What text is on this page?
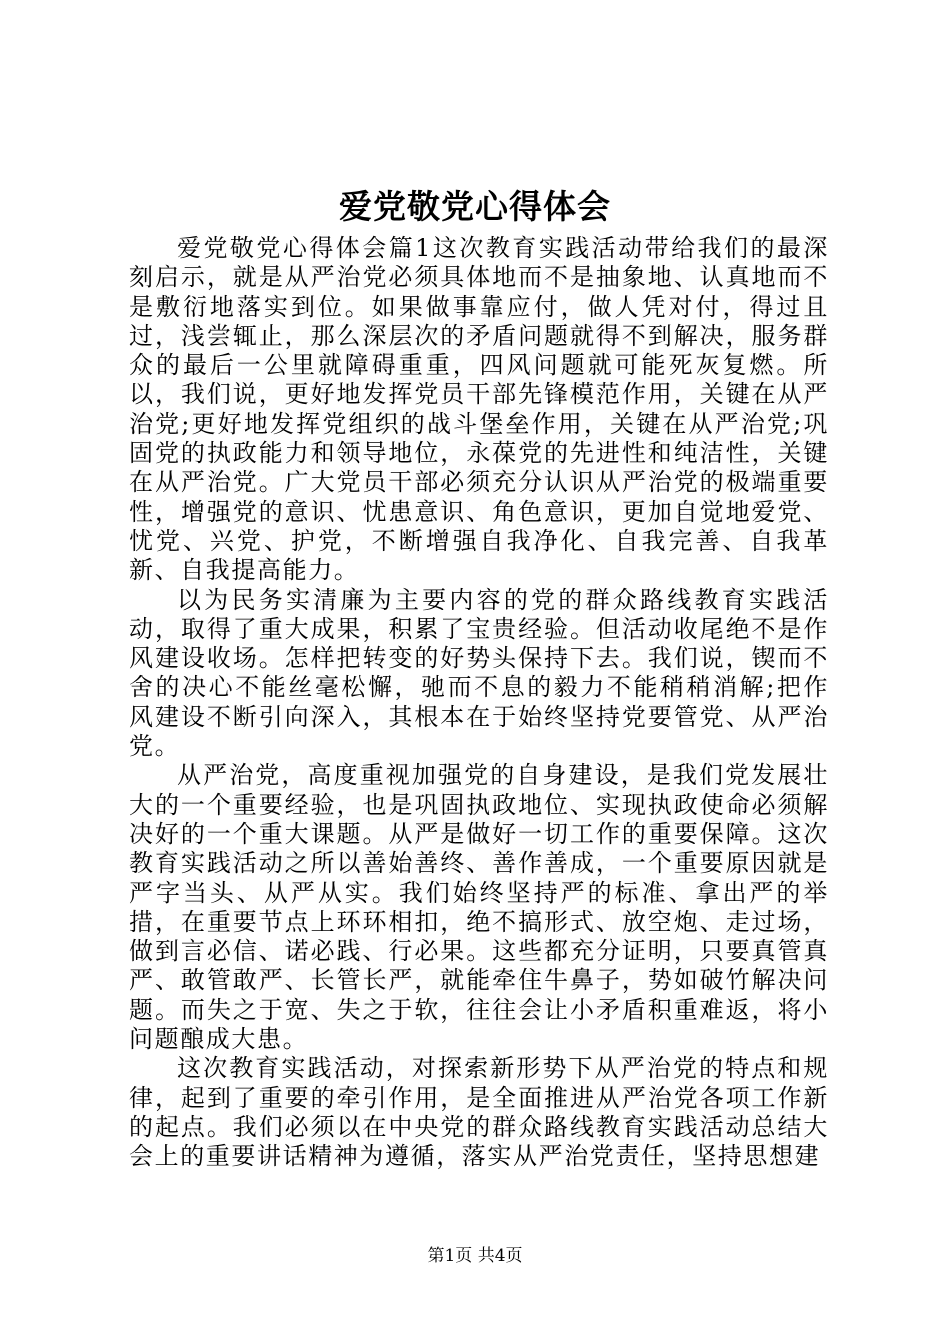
爱党敬党心得体会

爱党敬党心得体会篇1这次教育实践活动带给我们的最深刻启示，就是从严治党必须具体地而不是抽象地、认真地而不是敷衍地落实到位。如果做事靠应付，做人凭对付，得过且过，浅尝辄止，那么深层次的矛盾问题就得不到解决，服务群众的最后一公里就障碍重重，四风问题就可能死灰复燃。所以，我们说，更好地发挥党员干部先锋模范作用，关键在从严治党;更好地发挥党组织的战斗堡垒作用，关键在从严治党;巩固党的执政能力和领导地位，永葆党的先进性和纯洁性，关键在从严治党。广大党员干部必须充分认识从严治党的极端重要性，增强党的意识、忧患意识、角色意识，更加自觉地爱党、忧党、兴党、护党，不断增强自我净化、自我完善、自我革新、自我提高能力。

以为民务实清廉为主要内容的党的群众路线教育实践活动，取得了重大成果，积累了宝贵经验。但活动收尾绝不是作风建设收场。怎样把转变的好势头保持下去。我们说，锲而不舍的决心不能丝毫松懈，驰而不息的毅力不能稍稍消解;把作风建设不断引向深入，其根本在于始终坚持党要管党、从严治党。

从严治党，高度重视加强党的自身建设，是我们党发展壮大的一个重要经验，也是巩固执政地位、实现执政使命必须解决好的一个重大课题。从严是做好一切工作的重要保障。这次教育实践活动之所以善始善终、善作善成，一个重要原因就是严字当头、从严从实。我们始终坚持严的标准、拿出严的举措，在重要节点上环环相扣，绝不搞形式、放空炮、走过场，做到言必信、诺必践、行必果。这些都充分证明，只要真管真严、敢管敢严、长管长严，就能牵住牛鼻子，势如破竹解决问题。而失之于宽、失之于软，往往会让小矛盾积重难返，将小问题酿成大患。

这次教育实践活动，对探索新形势下从严治党的特点和规律，起到了重要的牵引作用，是全面推进从严治党各项工作新的起点。我们必须以在中央党的群众路线教育实践活动总结大会上的重要讲话精神为遵循，落实从严治党责任，坚持思想建

第1页 共4页
